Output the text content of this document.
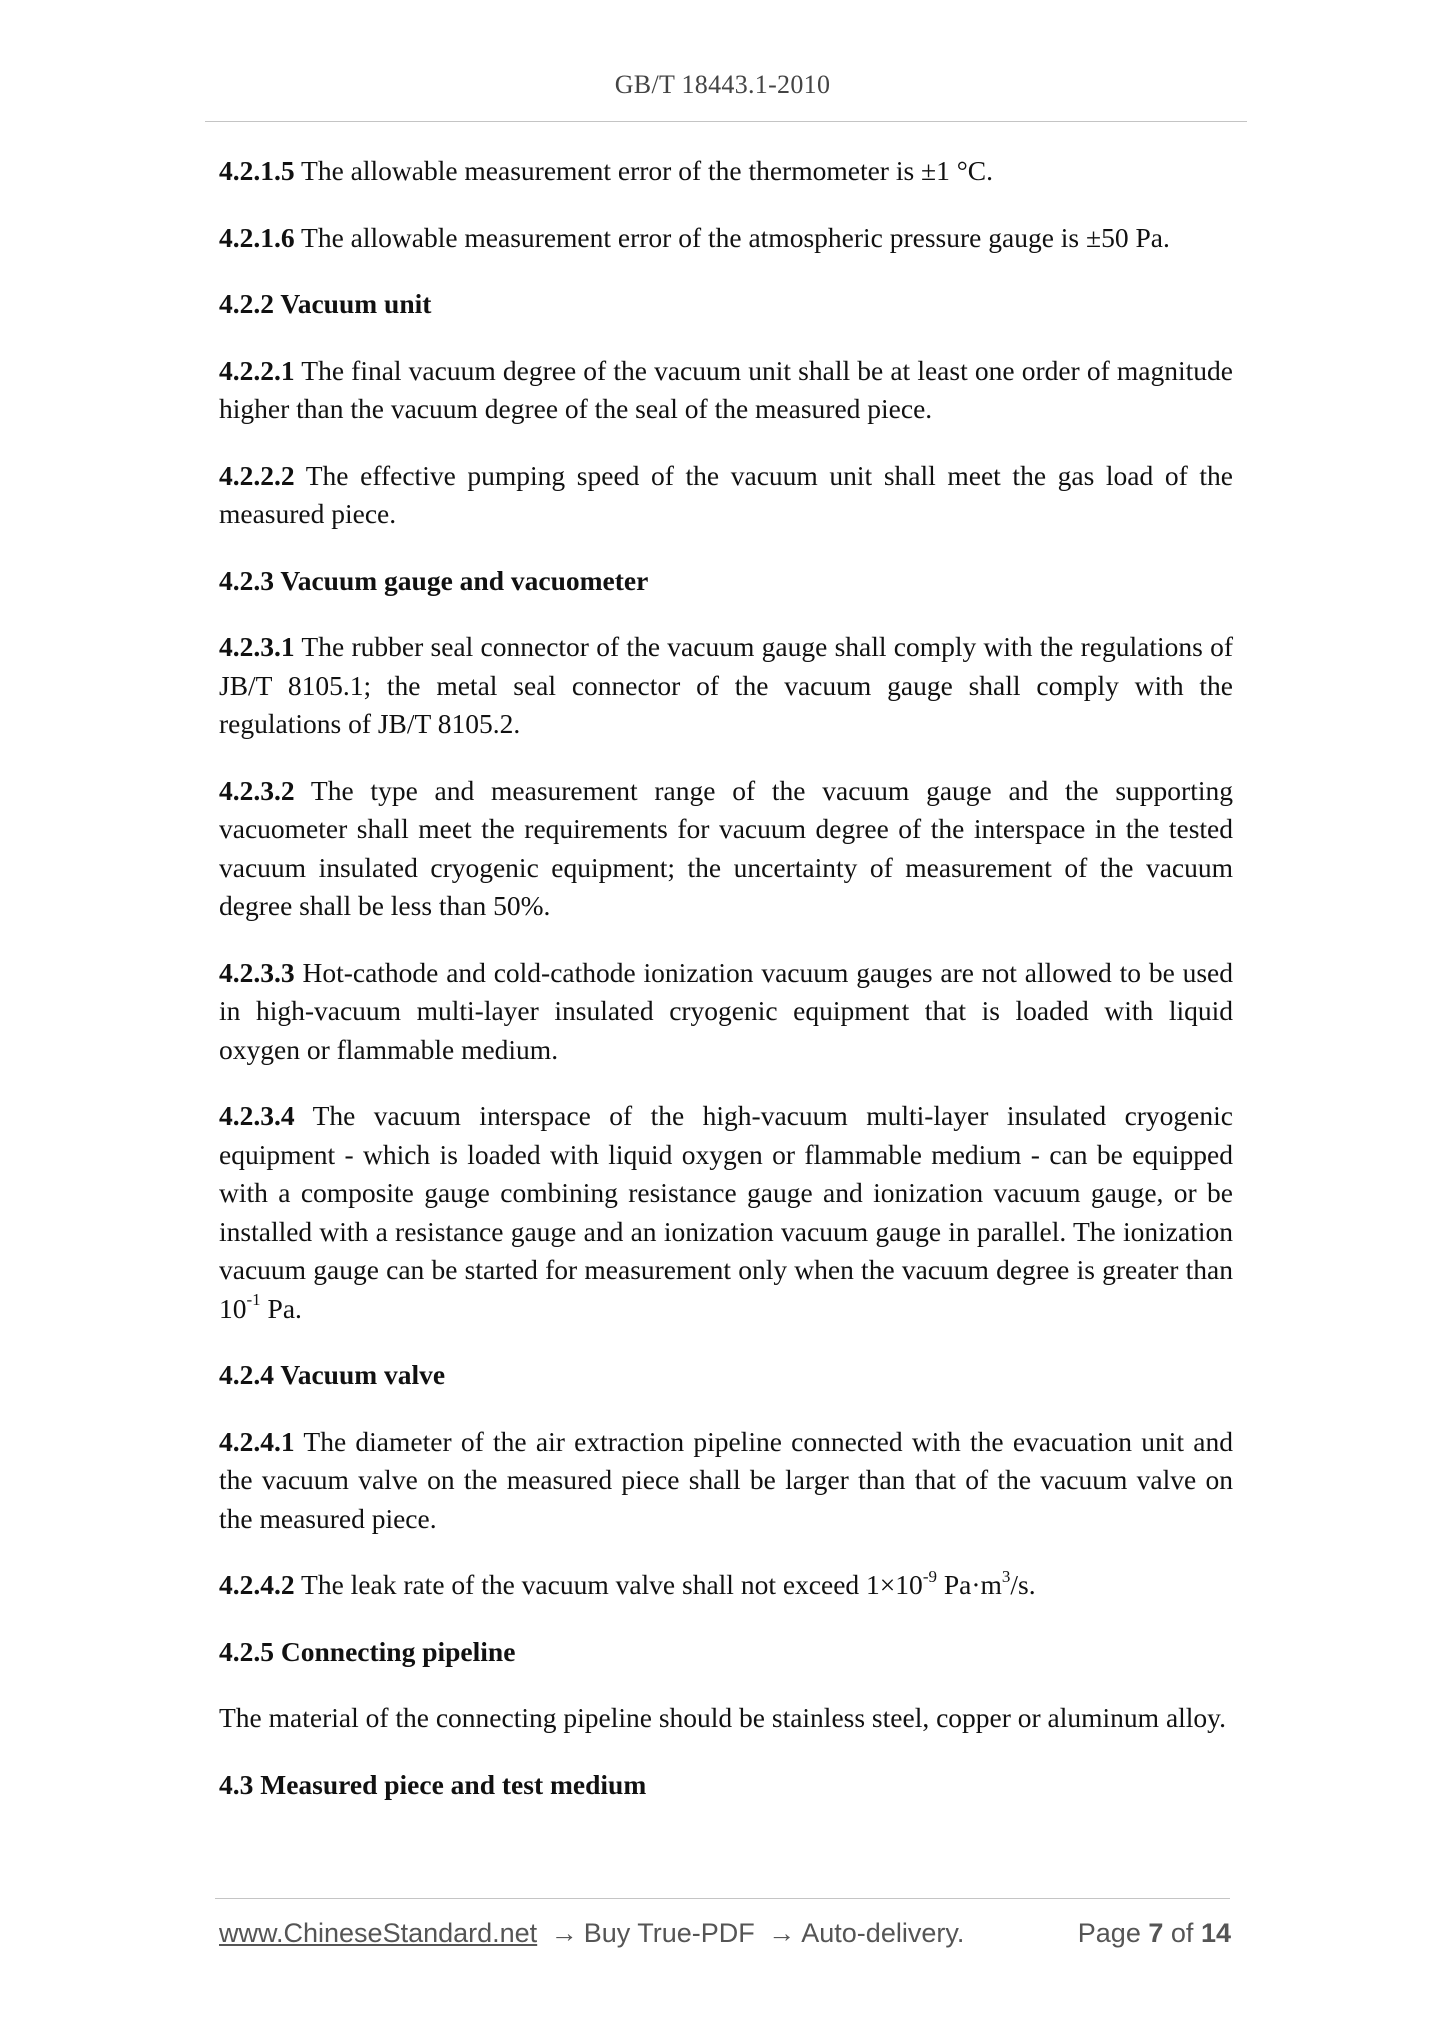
GB/T 18443.1-2010

4.2.1.5 The allowable measurement error of the thermometer is ±1 °C.

4.2.1.6 The allowable measurement error of the atmospheric pressure gauge is ±50 Pa.

4.2.2 Vacuum unit

4.2.2.1 The final vacuum degree of the vacuum unit shall be at least one order of magnitude higher than the vacuum degree of the seal of the measured piece.

4.2.2.2 The effective pumping speed of the vacuum unit shall meet the gas load of the measured piece.

4.2.3 Vacuum gauge and vacuometer

4.2.3.1 The rubber seal connector of the vacuum gauge shall comply with the regulations of JB/T 8105.1; the metal seal connector of the vacuum gauge shall comply with the regulations of JB/T 8105.2.

4.2.3.2 The type and measurement range of the vacuum gauge and the supporting vacuometer shall meet the requirements for vacuum degree of the interspace in the tested vacuum insulated cryogenic equipment; the uncertainty of measurement of the vacuum degree shall be less than 50%.

4.2.3.3 Hot-cathode and cold-cathode ionization vacuum gauges are not allowed to be used in high-vacuum multi-layer insulated cryogenic equipment that is loaded with liquid oxygen or flammable medium.

4.2.3.4 The vacuum interspace of the high-vacuum multi-layer insulated cryogenic equipment - which is loaded with liquid oxygen or flammable medium - can be equipped with a composite gauge combining resistance gauge and ionization vacuum gauge, or be installed with a resistance gauge and an ionization vacuum gauge in parallel. The ionization vacuum gauge can be started for measurement only when the vacuum degree is greater than $10^{-1}$ Pa.

4.2.4 Vacuum valve

4.2.4.1 The diameter of the air extraction pipeline connected with the evacuation unit and the vacuum valve on the measured piece shall be larger than that of the vacuum valve on the measured piece.

4.2.4.2 The leak rate of the vacuum valve shall not exceed $1\times 10^{-9}$ $Pa\cdot m^3/s$.

4.2.5 Connecting pipeline

The material of the connecting pipeline should be stainless steel, copper or aluminum alloy.

4.3 Measured piece and test medium

www.ChineseStandard.net → Buy True-PDF → Auto-delivery.	Page 7 of 14
